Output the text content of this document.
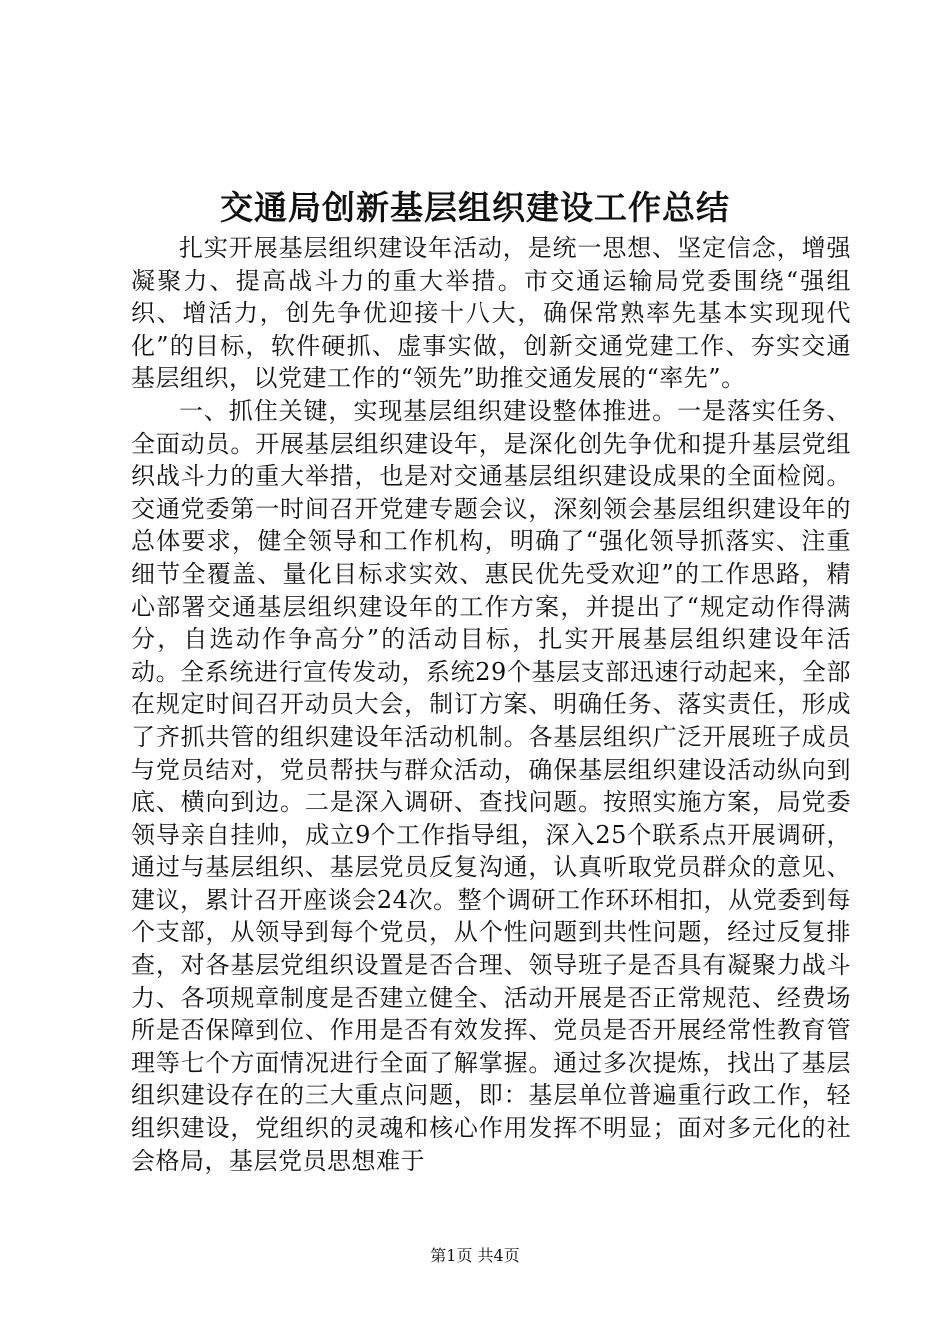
交通局创新基层组织建设工作总结

扎实开展基层组织建设年活动，是统一思想、坚定信念，增强凝聚力、提高战斗力的重大举措。市交通运输局党委围绕“强组织、增活力，创先争优迎接十八大，确保常熟率先基本实现现代化”的目标，软件硬抓、虚事实做，创新交通党建工作、夯实交通基层组织，以党建工作的“领先”助推交通发展的“率先”。

一、抓住关键，实现基层组织建设整体推进。一是落实任务、全面动员。开展基层组织建设年，是深化创先争优和提升基层党组织战斗力的重大举措，也是对交通基层组织建设成果的全面检阅。交通党委第一时间召开党建专题会议，深刻领会基层组织建设年的总体要求，健全领导和工作机构，明确了“强化领导抓落实、注重细节全覆盖、量化目标求实效、惠民优先受欢迎”的工作思路，精心部署交通基层组织建设年的工作方案，并提出了“规定动作得满分，自选动作争高分”的活动目标，扎实开展基层组织建设年活动。全系统进行宣传发动，系统29个基层支部迅速行动起来，全部在规定时间召开动员大会，制订方案、明确任务、落实责任，形成了齐抓共管的组织建设年活动机制。各基层组织广泛开展班子成员与党员结对，党员帮扶与群众活动，确保基层组织建设活动纵向到底、横向到边。二是深入调研、查找问题。按照实施方案，局党委领导亲自挂帅，成立9个工作指导组，深入25个联系点开展调研，通过与基层组织、基层党员反复沟通，认真听取党员群众的意见、建议，累计召开座谈会24次。整个调研工作环环相扣，从党委到每个支部，从领导到每个党员，从个性问题到共性问题，经过反复排查，对各基层党组织设置是否合理、领导班子是否具有凝聚力战斗力、各项规章制度是否建立健全、活动开展是否正常规范、经费场所是否保障到位、作用是否有效发挥、党员是否开展经常性教育管理等七个方面情况进行全面了解掌握。通过多次提炼，找出了基层组织建设存在的三大重点问题，即：基层单位普遍重行政工作，轻组织建设，党组织的灵魂和核心作用发挥不明显；面对多元化的社会格局，基层党员思想难于

第1页 共4页
